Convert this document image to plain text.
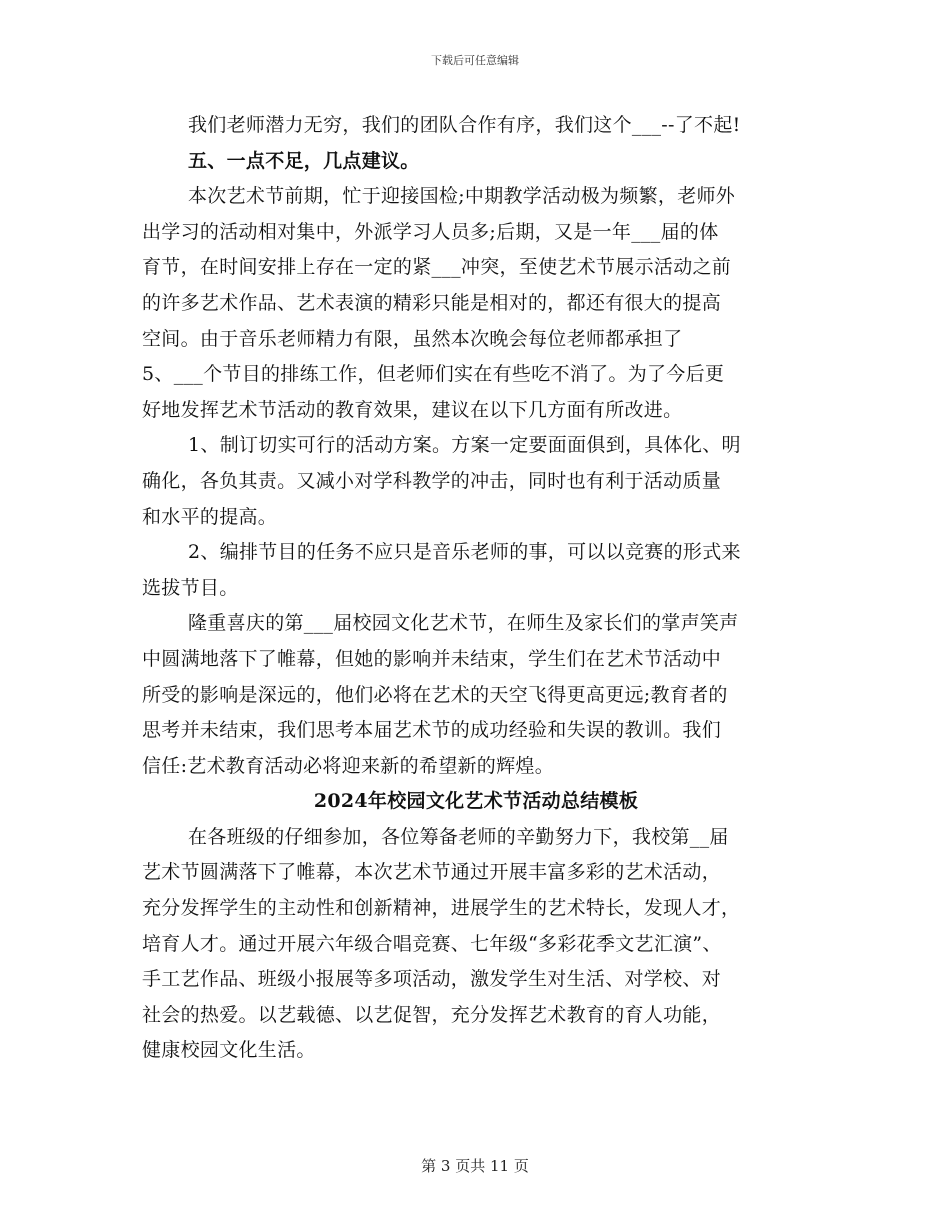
下载后可任意编辑
我们老师潜力无穷，我们的团队合作有序，我们这个___--了不起!
五、一点不足，几点建议。
本次艺术节前期，忙于迎接国检;中期教学活动极为频繁，老师外
出学习的活动相对集中，外派学习人员多;后期，又是一年___届的体
育节，在时间安排上存在一定的紧___冲突，至使艺术节展示活动之前
的许多艺术作品、艺术表演的精彩只能是相对的，都还有很大的提高
空间。由于音乐老师精力有限，虽然本次晚会每位老师都承担了
5、___个节目的排练工作，但老师们实在有些吃不消了。为了今后更
好地发挥艺术节活动的教育效果，建议在以下几方面有所改进。
1、制订切实可行的活动方案。方案一定要面面俱到，具体化、明
确化，各负其责。又减小对学科教学的冲击，同时也有利于活动质量
和水平的提高。
2、编排节目的任务不应只是音乐老师的事，可以以竞赛的形式来
选拔节目。
隆重喜庆的第___届校园文化艺术节，在师生及家长们的掌声笑声
中圆满地落下了帷幕，但她的影响并未结束，学生们在艺术节活动中
所受的影响是深远的，他们必将在艺术的天空飞得更高更远;教育者的
思考并未结束，我们思考本届艺术节的成功经验和失误的教训。我们
信任:艺术教育活动必将迎来新的希望新的辉煌。
2024年校园文化艺术节活动总结模板
在各班级的仔细参加，各位筹备老师的辛勤努力下，我校第__届
艺术节圆满落下了帷幕，本次艺术节通过开展丰富多彩的艺术活动，
充分发挥学生的主动性和创新精神，进展学生的艺术特长，发现人才，
培育人才。通过开展六年级合唱竞赛、七年级“多彩花季文艺汇演”、
手工艺作品、班级小报展等多项活动，激发学生对生活、对学校、对
社会的热爱。以艺载德、以艺促智，充分发挥艺术教育的育人功能，
健康校园文化生活。
第 3 页共 11 页
